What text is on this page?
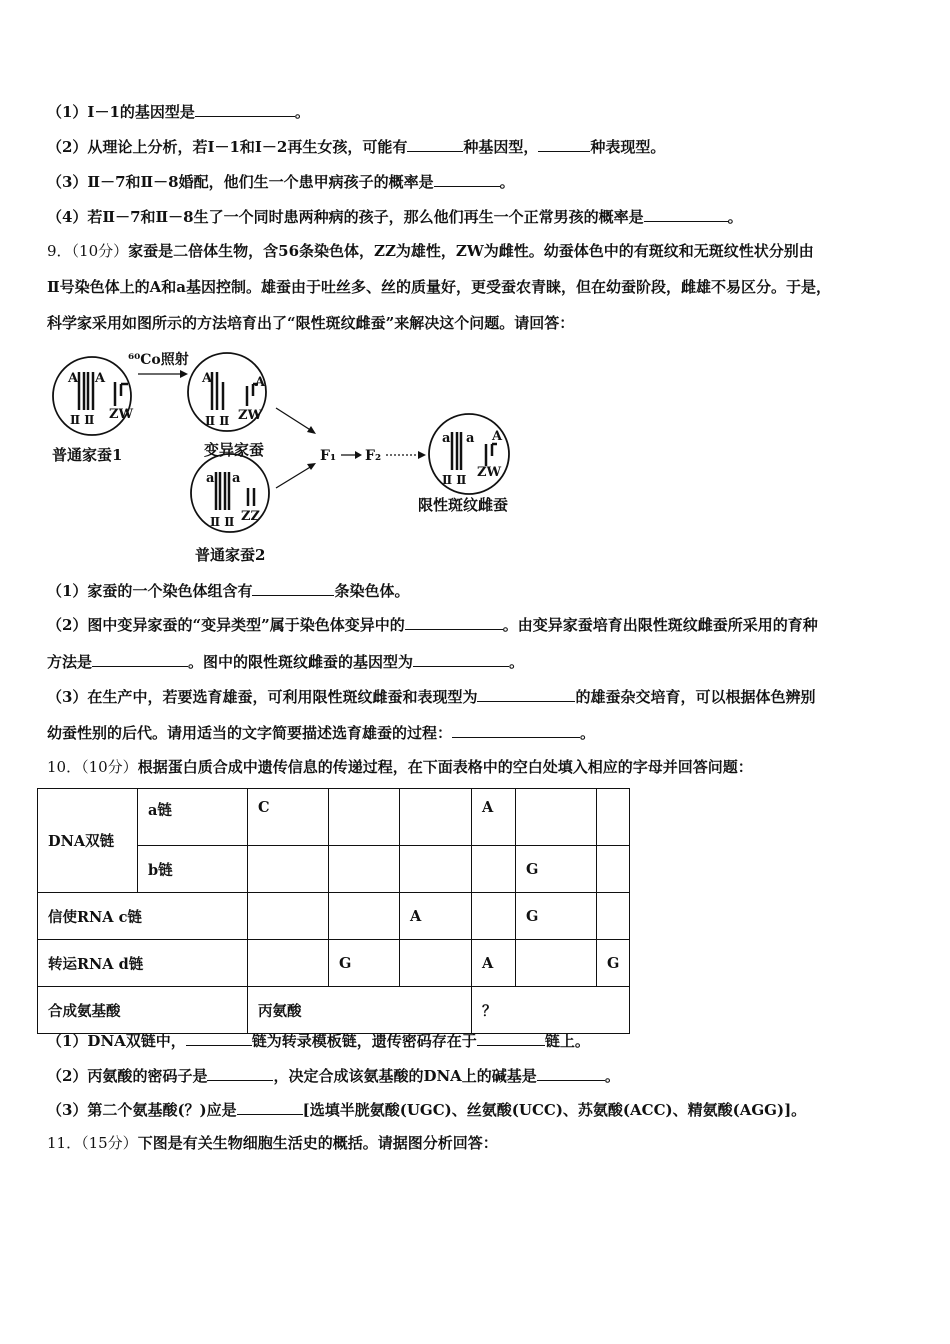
（1）Ⅰ－1的基因型是	。
（2）从理论上分析，若Ⅰ－1和Ⅰ－2再生女孩，可能有	种基因型，	种表现型。
（3）Ⅱ－7和Ⅱ－8婚配，他们生一个患甲病孩子的概率是	。
（4）若Ⅱ－7和Ⅱ－8生了一个同时患两种病的孩子，那么他们再生一个正常男孩的概率是	。
9．（10分）家蚕是二倍体生物，含56条染色体，ZZ为雄性，ZW为雌性。幼蚕体色中的有斑纹和无斑纹性状分别由
Ⅱ号染色体上的A和a基因控制。雄蚕由于吐丝多、丝的质量好，更受蚕农青睐，但在幼蚕阶段，雌雄不易区分。于是，
科学家采用如图所示的方法培育出了“限性斑纹雌蚕”来解决这个问题。请回答：
A A
Ⅱ Ⅱ ZW
普通家蚕1
⁶⁰Co照射
A	A
Ⅱ Ⅱ ZW
变异家蚕
a a
Ⅱ Ⅱ ZZ
普通家蚕2
F₁ F₂
a a A
Ⅱ Ⅱ ZW
限性斑纹雌蚕
（1）家蚕的一个染色体组含有	条染色体。
（2）图中变异家蚕的“变异类型”属于染色体变异中的	。由变异家蚕培育出限性斑纹雌蚕所采用的育种
方法是	。图中的限性斑纹雌蚕的基因型为	。
（3）在生产中，若要选育雄蚕，可利用限性斑纹雌蚕和表现型为	的雄蚕杂交培育，可以根据体色辨别
幼蚕性别的后代。请用适当的文字简要描述选育雄蚕的过程：	。
10．（10分）根据蛋白质合成中遗传信息的传递过程，在下面表格中的空白处填入相应的字母并回答问题：
DNA双链	a链	C			A		
	b链					G	
信使RNA c链				A		G	
转运RNA d链			G		A		G
合成氨基酸		丙氨酸			？		
（1）DNA双链中，	链为转录模板链，遗传密码存在于	链上。
（2）丙氨酸的密码子是	，决定合成该氨基酸的DNA上的碱基是	。
（3）第二个氨基酸(？)应是	[选填半胱氨酸(UGC)、丝氨酸(UCC)、苏氨酸(ACC)、精氨酸(AGG)]。
11．（15分）下图是有关生物细胞生活史的概括。请据图分析回答：
